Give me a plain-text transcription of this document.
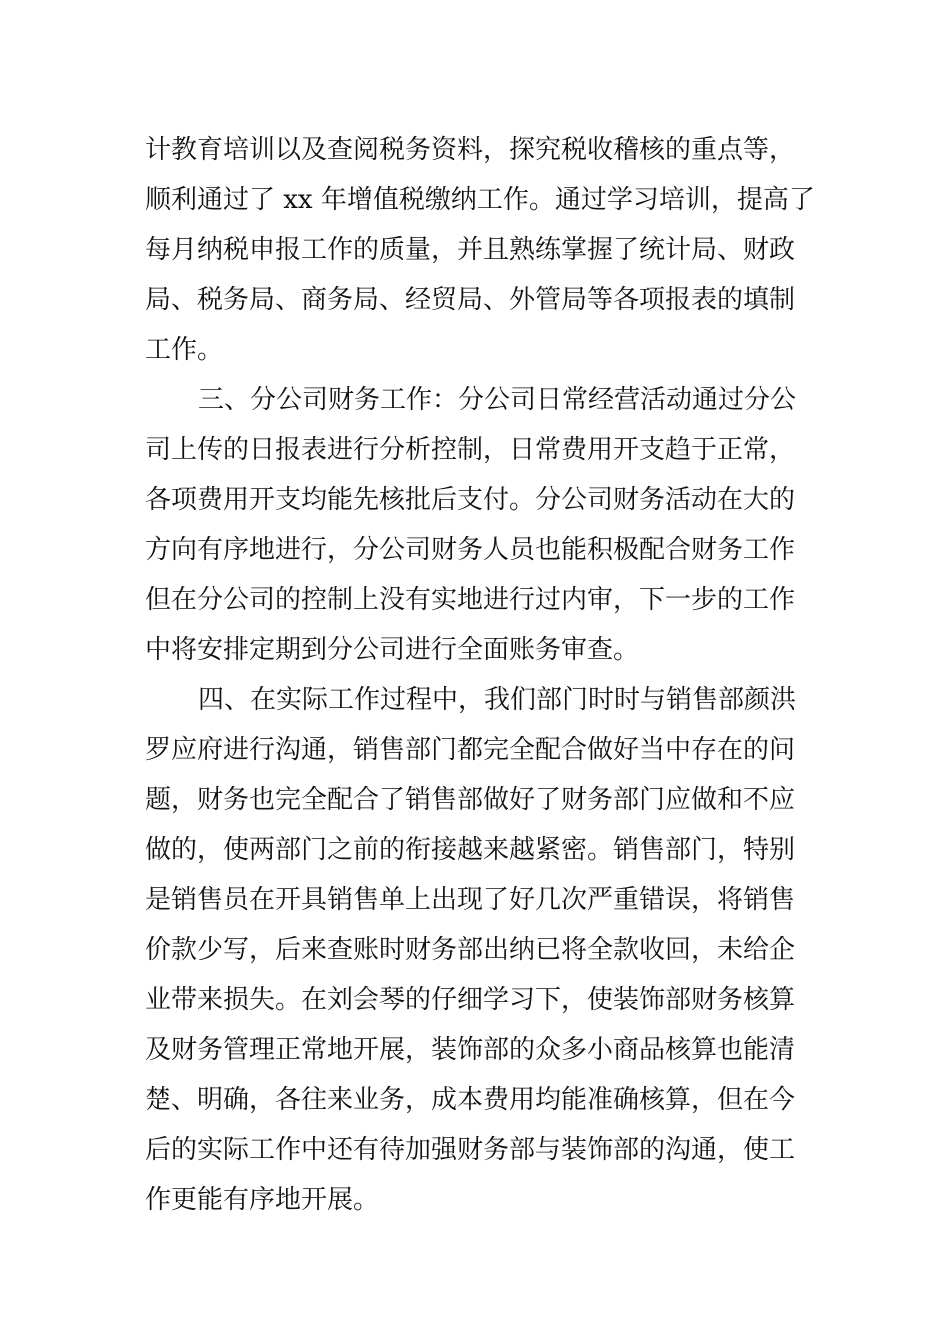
计教育培训以及查阅税务资料，探究税收稽核的重点等，
顺利通过了 xx 年增值税缴纳工作。通过学习培训，提高了
每月纳税申报工作的质量，并且熟练掌握了统计局、财政
局、税务局、商务局、经贸局、外管局等各项报表的填制
工作。
三、分公司财务工作：分公司日常经营活动通过分公
司上传的日报表进行分析控制，日常费用开支趋于正常，
各项费用开支均能先核批后支付。分公司财务活动在大的
方向有序地进行，分公司财务人员也能积极配合财务工作
但在分公司的控制上没有实地进行过内审，下一步的工作
中将安排定期到分公司进行全面账务审查。
四、在实际工作过程中，我们部门时时与销售部颜洪
罗应府进行沟通，销售部门都完全配合做好当中存在的问
题，财务也完全配合了销售部做好了财务部门应做和不应
做的，使两部门之前的衔接越来越紧密。销售部门，特别
是销售员在开具销售单上出现了好几次严重错误，将销售
价款少写，后来查账时财务部出纳已将全款收回，未给企
业带来损失。在刘会琴的仔细学习下，使装饰部财务核算
及财务管理正常地开展，装饰部的众多小商品核算也能清
楚、明确，各往来业务，成本费用均能准确核算，但在今
后的实际工作中还有待加强财务部与装饰部的沟通，使工
作更能有序地开展。
